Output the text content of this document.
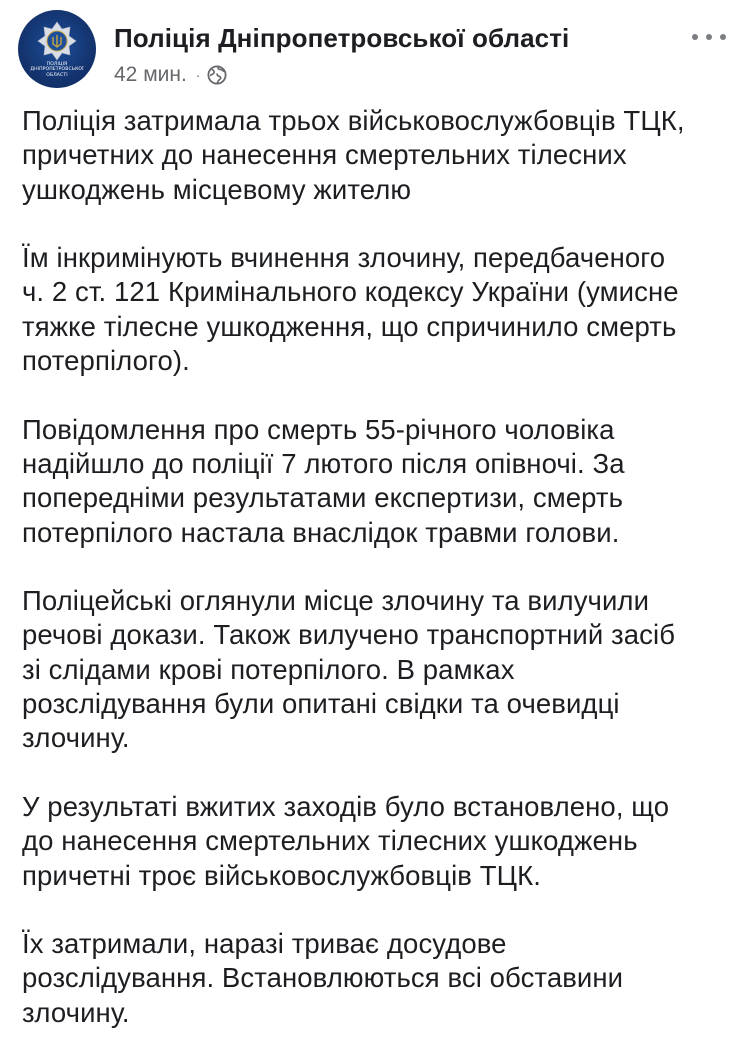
ПОЛІЦІЯ ДНІПРОПЕТРОВСЬКОЇ ОБЛАСТІ
Поліція Дніпропетровської області
42 мин. ·

Поліція затримала трьох військовослужбовців ТЦК,
причетних до нанесення смертельних тілесних
ушкоджень місцевому жителю

Їм інкримінують вчинення злочину, передбаченого
ч. 2 ст. 121 Кримінального кодексу України (умисне
тяжке тілесне ушкодження, що спричинило смерть
потерпілого).

Повідомлення про смерть 55-річного чоловіка
надійшло до поліції 7 лютого після опівночі. За
попередніми результатами експертизи, смерть
потерпілого настала внаслідок травми голови.

Поліцейські оглянули місце злочину та вилучили
речові докази. Також вилучено транспортний засіб
зі слідами крові потерпілого. В рамках
розслідування були опитані свідки та очевидці
злочину.

У результаті вжитих заходів було встановлено, що
до нанесення смертельних тілесних ушкоджень
причетні троє військовослужбовців ТЦК.

Їх затримали, наразі триває досудове
розслідування. Встановлюються всі обставини
злочину.
